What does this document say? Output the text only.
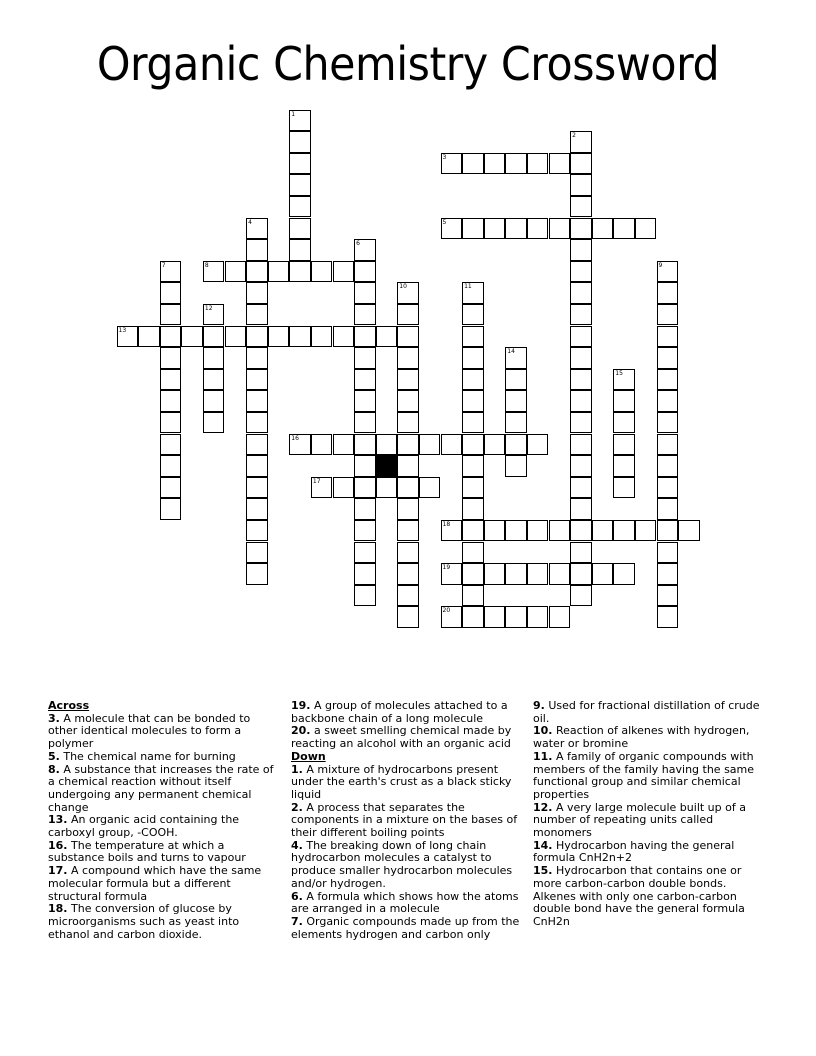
Organic Chemistry Crossword
3
5
8
13
16
17
18
19
20
1
2
4
6
7	9
10	11
12
14
15
Across
3. A molecule that can be bonded to other identical molecules to form a polymer
5. The chemical name for burning
8. A substance that increases the rate of a chemical reaction without itself undergoing any permanent chemical change
13. An organic acid containing the carboxyl group, -COOH.
16. The temperature at which a substance boils and turns to vapour
17. A compound which have the same molecular formula but a different structural formula
18. The conversion of glucose by microorganisms such as yeast into ethanol and carbon dioxide.
19. A group of molecules attached to a backbone chain of a long molecule
20. a sweet smelling chemical made by reacting an alcohol with an organic acid
Down
1. A mixture of hydrocarbons present under the earth's crust as a black sticky liquid
2. A process that separates the components in a mixture on the bases of their different boiling points
4. The breaking down of long chain hydrocarbon molecules a catalyst to produce smaller hydrocarbon molecules and/or hydrogen.
6. A formula which shows how the atoms are arranged in a molecule
7. Organic compounds made up from the elements hydrogen and carbon only
9. Used for fractional distillation of crude oil.
10. Reaction of alkenes with hydrogen, water or bromine
11. A family of organic compounds with members of the family having the same functional group and similar chemical properties
12. A very large molecule built up of a number of repeating units called monomers
14. Hydrocarbon having the general formula CnH2n+2
15. Hydrocarbon that contains one or more carbon-carbon double bonds. Alkenes with only one carbon-carbon double bond have the general formula CnH2n
